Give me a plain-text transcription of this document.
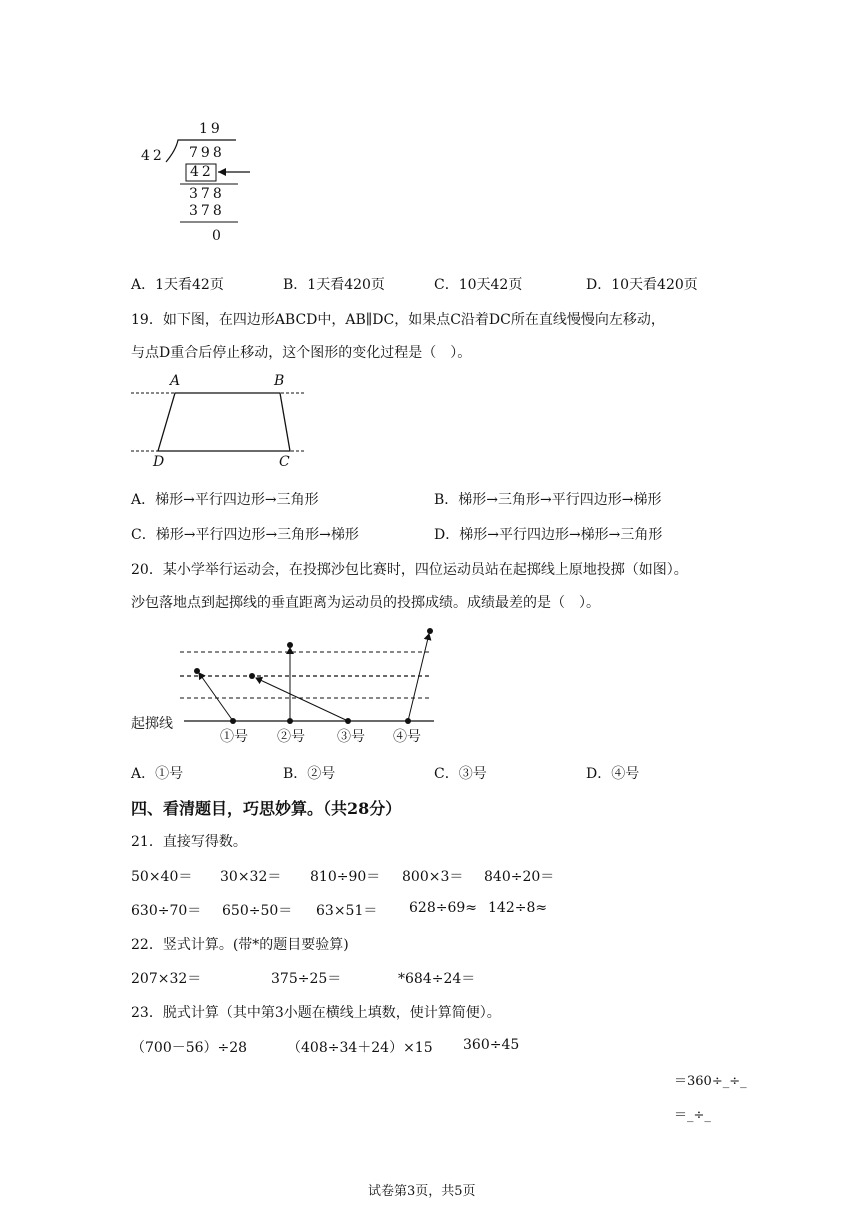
19
42 798
42
378
378
0
A．1天看42页	B．1天看420页	C．10天42页	D．10天看420页
19．如下图，在四边形ABCD中，AB∥DC，如果点C沿着DC所在直线慢慢向左移动，
与点D重合后停止移动，这个图形的变化过程是（　）。
A	B
D	C
A．梯形→平行四边形→三角形	B．梯形→三角形→平行四边形→梯形
C．梯形→平行四边形→三角形→梯形	D．梯形→平行四边形→梯形→三角形
20．某小学举行运动会，在投掷沙包比赛时，四位运动员站在起掷线上原地投掷（如图）。
沙包落地点到起掷线的垂直距离为运动员的投掷成绩。成绩最差的是（　）。
起掷线
①号 ②号 ③号 ④号
A．①号	B．②号	C．③号	D．④号
四、看清题目，巧思妙算。（共28分）
21．直接写得数。
50×40＝ 30×32＝ 810÷90＝ 800×3＝ 840÷20＝
630÷70＝ 650÷50＝ 63×51＝ 628÷69≈ 142÷8≈
22．竖式计算。(带*的题目要验算)
207×32＝	375÷25＝	*684÷24＝
23．脱式计算（其中第3小题在横线上填数，使计算简便）。
（700－56）÷28	（408÷34＋24）×15 360÷45
＝360÷_÷_
＝_÷_
试卷第3页，共5页
